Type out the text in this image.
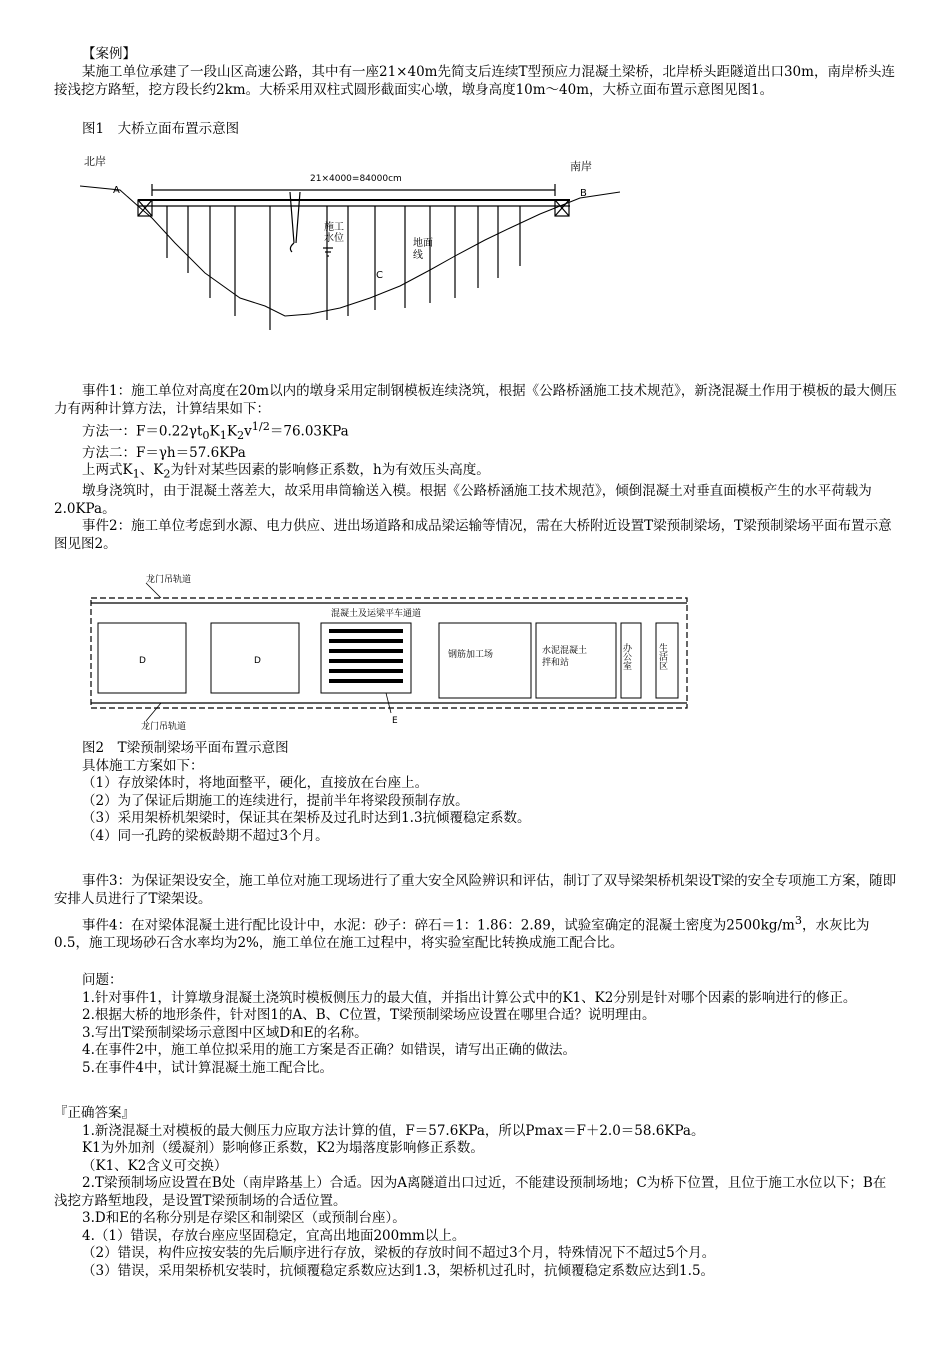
【案例】

某施工单位承建了一段山区高速公路，其中有一座21×40m先简支后连续T型预应力混凝土梁桥，北岸桥头距隧道出口30m，南岸桥头连接浅挖方路堑，挖方段长约2km。大桥采用双柱式圆形截面实心墩，墩身高度10m～40m，大桥立面布置示意图见图1。

图1　大桥立面布置示意图

北岸	南岸
21×4000=84000cm
A	B
C
施工
水位	地面
线

事件1：施工单位对高度在20m以内的墩身采用定制钢模板连续浇筑，根据《公路桥涵施工技术规范》，新浇混凝土作用于模板的最大侧压力有两种计算方法，计算结果如下：

方法一：$F=0.22\gamma t_0K_1K_2v^{1/2}=76.03KPa$

方法二：F＝γh＝57.6KPa

上两式$K_1$、$K_2$为针对某些因素的影响修正系数，h为有效压头高度。

墩身浇筑时，由于混凝土落差大，故采用串筒输送入模。根据《公路桥涵施工技术规范》，倾倒混凝土对垂直面模板产生的水平荷载为2.0KPa。

事件2：施工单位考虑到水源、电力供应、进出场道路和成品梁运输等情况，需在大桥附近设置T梁预制梁场，T梁预制梁场平面布置示意图见图2。

龙门吊轨道
龙门吊轨道
混凝土及运梁平车通道
D	D
E
钢筋加工场	水泥混凝土
拌和站	办公室	生活区

图2　T梁预制梁场平面布置示意图

具体施工方案如下：

（1）存放梁体时，将地面整平，硬化，直接放在台座上。

（2）为了保证后期施工的连续进行，提前半年将梁段预制存放。

（3）采用架桥机架梁时，保证其在架桥及过孔时达到1.3抗倾覆稳定系数。

（4）同一孔跨的梁板龄期不超过3个月。

事件3：为保证架设安全，施工单位对施工现场进行了重大安全风险辨识和评估，制订了双导梁架桥机架设T梁的安全专项施工方案，随即安排人员进行了T梁架设。

事件4：在对梁体混凝土进行配比设计中，水泥：砂子：碎石＝1：1.86：2.89，试验室确定的混凝土密度为$2500kg/m^3$，水灰比为0.5，施工现场砂石含水率均为2%，施工单位在施工过程中，将实验室配比转换成施工配合比。

问题：

1.针对事件1，计算墩身混凝土浇筑时模板侧压力的最大值，并指出计算公式中的K1、K2分别是针对哪个因素的影响进行的修正。

2.根据大桥的地形条件，针对图1的A、B、C位置，T梁预制梁场应设置在哪里合适？说明理由。

3.写出T梁预制梁场示意图中区域D和E的名称。

4.在事件2中，施工单位拟采用的施工方案是否正确？如错误，请写出正确的做法。

5.在事件4中，试计算混凝土施工配合比。

『正确答案』

1.新浇混凝土对模板的最大侧压力应取方法计算的值，F＝57.6KPa，所以Pmax＝F＋2.0＝58.6KPa。

K1为外加剂（缓凝剂）影响修正系数，K2为塌落度影响修正系数。

（K1、K2含义可交换）

2.T梁预制场应设置在B处（南岸路基上）合适。因为A离隧道出口过近，不能建设预制场地；C为桥下位置，且位于施工水位以下；B在浅挖方路堑地段，是设置T梁预制场的合适位置。

3.D和E的名称分别是存梁区和制梁区（或预制台座）。

4.（1）错误，存放台座应坚固稳定，宜高出地面200mm以上。

（2）错误，构件应按安装的先后顺序进行存放，梁板的存放时间不超过3个月，特殊情况下不超过5个月。

（3）错误，采用架桥机安装时，抗倾覆稳定系数应达到1.3，架桥机过孔时，抗倾覆稳定系数应达到1.5。
